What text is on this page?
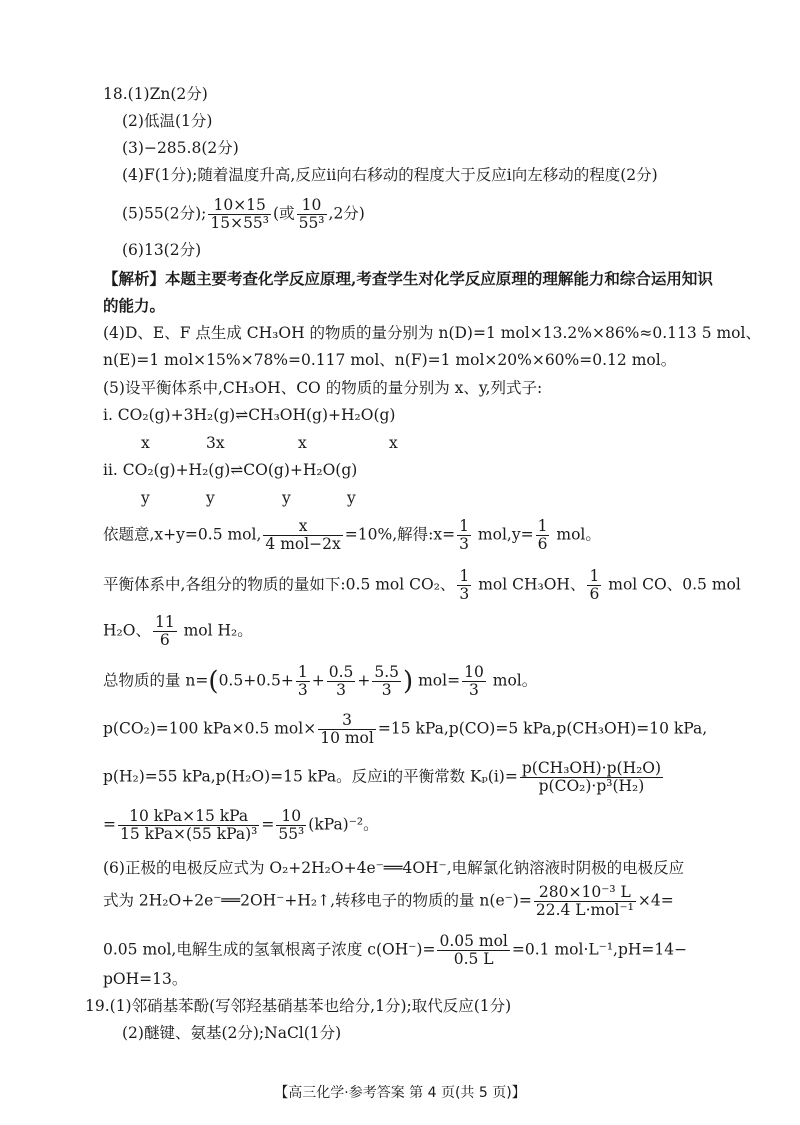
18.(1)Zn(2分)
(2)低温(1分)
(3)−285.8(2分)
(4)F(1分);随着温度升高,反应ⅱ向右移动的程度大于反应ⅰ向左移动的程度(2分)
(5)55(2分); $\frac{10\times 15}{\text{15×55³}}$ (或 $\frac{10}{\text{55³}} ,2$分)
(6)13(2分)
【解析】本题主要考查化学反应原理,考查学生对化学反应原理的理解能力和综合运用知识
的能力。
(4)D、E、F 点生成 CH₃OH 的物质的量分别为 n(D)=1 mol×13.2%×86%≈0.113 5 mol、
n(E)=1 mol×15%×78%=0.117 mol、n(F)=1 mol×20%×60%=0.12 mol。
(5)设平衡体系中,CH₃OH、CO 的物质的量分别为 x、y,列式子:
ⅰ. CO₂(g)+3H₂(g)⇌CH₃OH(g)+H₂O(g)
x	3x	x	x
ⅱ. CO₂(g)+H₂(g)⇌CO(g)+H₂O(g)
y	y	y	y
依题意,x+y=0.5 mol, $\frac{x}{\text{4 mol−2x}} =10\%$,解得:x= $\frac{1}{3} mol,y= \frac{1}{6}$ mol。
平衡体系中,各组分的物质的量如下:0.5 mol CO₂、 $\frac{1}{3}$ mol CH₃OH、 $\frac{1}{6}$ mol CO、0.5 mol
H₂O、 $\frac{11}{6}$ mol H₂。
总物质的量 $n=(0.5+0.5+ \frac{1}{3} + \frac{0.5}{3} + \frac{5.5}{3}$ ) $mol= \frac{10}{3}$ mol。
p(CO₂)=100 kPa×0.5 $mol\times \frac{3}{\text{10 mol}} =15$ kPa,p(CO)=5 kPa,p(CH₃OH)=10 kPa,
p(H₂)=55 kPa,p(H₂O)=15 kPa。反应ⅰ的平衡常数 Kₚ(ⅰ)= $\frac{\text{p(CH₃OH)·p(H₂O)}}{\text{p(CO₂)·p³(H₂)}}$
= $\frac{\text{10 kPa×15 kPa}}{\text{15 kPa×(55 kPa)³}} = \frac{10}{\text{55³}} (kPa)^{-2}$。
(6)正极的电极反应式为 O₂+2H₂O+4e⁻══4OH⁻,电解氯化钠溶液时阴极的电极反应
式为 2H₂O+2e⁻══2OH⁻+H₂↑,转移电子的物质的量 $n(e^-)= \frac{\text{280×10⁻³ L}}{\text{22.4 L·mol⁻¹}} \times 4=$
0.05 mol,电解生成的氢氧根离子浓度 $c(OH^-)= \frac{\text{0.05 mol}}{0.5 L} =0.1$ mol·L⁻¹,pH=14−
pOH=13。
19.(1)邻硝基苯酚(写邻羟基硝基苯也给分,1分);取代反应(1分)
(2)醚键、氨基(2分);NaCl(1分)
【高三化学·参考答案 第 4 页(共 5 页)】
